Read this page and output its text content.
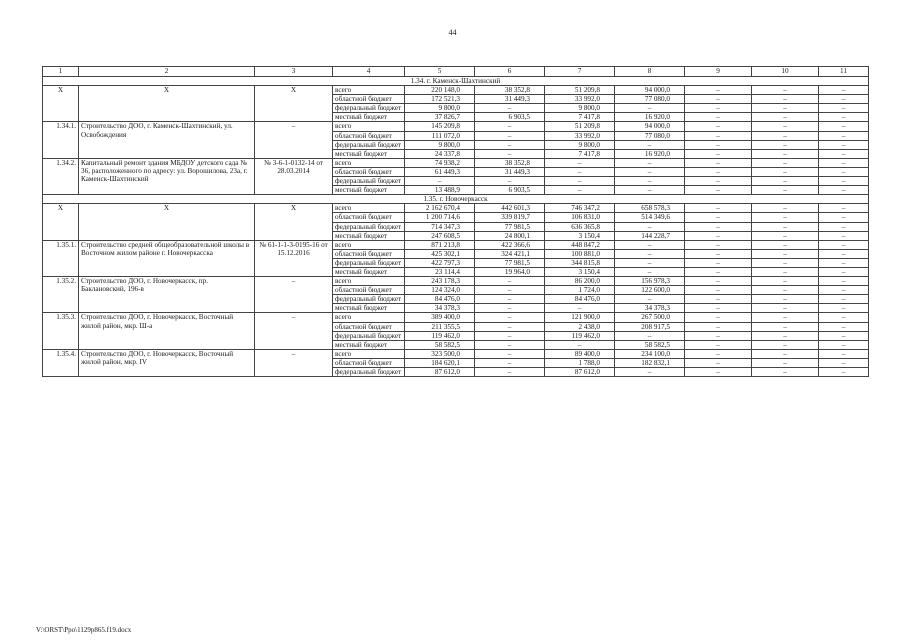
44
1	2	3	4	5	6	7	8	9	10	11
1.34. г. Каменск-Шахтинский										
X	X	X	всего	220 148,0	38 352,8	51 209,8	94 000,0	–	–	–
			областной бюджет	172 521,3	31 449,3	33 992,0	77 080,0	–	–	–
			федеральный бюджет	9 800,0	–	9 800,0	–	–	–	–
			местный бюджет	37 826,7	6 903,5	7 417,8	16 920,0	–	–	–
1.34.1.	Строительство ДОО, г. Каменск-Шахтинский, ул. Освобождения	–	всего	145 209,8	–	51 209,8	94 000,0	–	–	–
			областной бюджет	111 072,0	–	33 992,0	77 080,0	–	–	–
			федеральный бюджет	9 800,0	–	9 800,0	–	–	–	–
			местный бюджет	24 337,8	–	7 417,8	16 920,0	–	–	–
1.34.2.	Капитальный ремонт здания МБДОУ детского сада № 36, расположенного по адресу: ул. Ворошилова, 23а, г. Каменск-Шахтинский	№ 3-6-1-0132-14 от 28.03.2014	всего	74 938,2	38 352,8	–	–	–	–	–
			областной бюджет	61 449,3	31 449,3	–	–	–	–	–
			федеральный бюджет	–	–	–	–	–	–	–
			местный бюджет	13 488,9	6 903,5	–	–	–	–	–
1.35. г. Новочеркасск										
X	X	X	всего	2 162 670,4	442 601,3	746 347,2	658 578,3	–	–	–
			областной бюджет	1 200 714,6	339 819,7	106 831,0	514 349,6	–	–	–
			федеральный бюджет	714 347,3	77 981,5	636 365,8	–	–	–	–
			местный бюджет	247 608,5	24 800,1	3 150,4	144 228,7	–	–	–
1.35.1.	Строительство средней общеобразовательной школы в Восточном жилом районе г. Новочеркасска	№ 61-1-1-3-0195-16 от 15.12.2016	всего	871 213,8	422 366,6	448 847,2	–	–	–	–
			областной бюджет	425 302,1	324 421,1	100 881,0	–	–	–	–
			федеральный бюджет	422 797,3	77 981,5	344 815,8	–	–	–	–
			местный бюджет	23 114,4	19 964,0	3 150,4	–	–	–	–
1.35.2.	Строительство ДОО, г. Новочеркасск, пр. Баклановский, 196-в	–	всего	243 178,3	–	86 200,0	156 978,3	–	–	–
			областной бюджет	124 324,0	–	1 724,0	122 600,0	–	–	–
			федеральный бюджет	84 476,0	–	84 476,0	–	–	–	–
			местный бюджет	34 378,3	–	–	34 378,3	–	–	–
1.35.3.	Строительство ДОО, г. Новочеркасск, Восточный жилой район, мкр. Ш-а	–	всего	389 400,0	–	121 900,0	267 500,0	–	–	–
			областной бюджет	211 355,5	–	2 438,0	208 917,5	–	–	–
			федеральный бюджет	119 462,0	–	119 462,0	–	–	–	–
			местный бюджет	58 582,5	–	–	58 582,5	–	–	–
1.35.4.	Строительство ДОО, г. Новочеркасск, Восточный жилой район, мкр. IV	–	всего	323 500,0	–	89 400,0	234 100,0	–	–	–
			областной бюджет	184 620,1	–	1 788,0	182 832,1	–	–	–
			федеральный бюджет	87 612,0	–	87 612,0	–	–	–	–
V:\ORST\Ppo\1129p865.f19.docx
